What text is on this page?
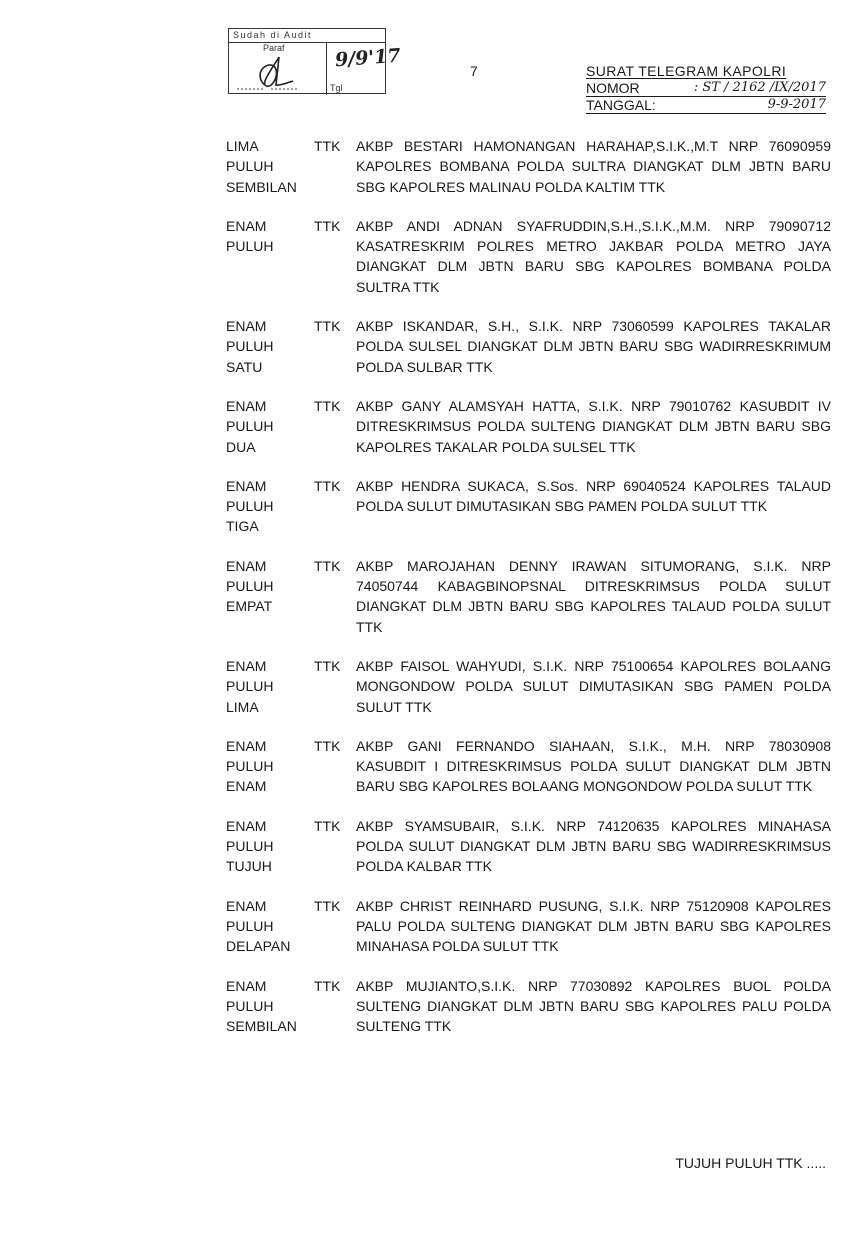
Sudah di Audit
Paraf	9/9'17
Tgl
7	SURAT TELEGRAM KAPOLRI
NOMOR	: ST / 2162 /IX/2017
TANGGAL:	9-9-2017
LIMA
PULUH
SEMBILAN
TTK	AKBP BESTARI HAMONANGAN HARAHAP,S.I.K.,M.T NRP 76090959 KAPOLRES BOMBANA POLDA SULTRA DIANGKAT DLM JBTN BARU SBG KAPOLRES MALINAU POLDA KALTIM TTK
ENAM
PULUH
TTK	AKBP ANDI ADNAN SYAFRUDDIN,S.H.,S.I.K.,M.M. NRP 79090712 KASATRESKRIM POLRES METRO JAKBAR POLDA METRO JAYA DIANGKAT DLM JBTN BARU SBG KAPOLRES BOMBANA POLDA SULTRA TTK
ENAM
PULUH
SATU
TTK	AKBP ISKANDAR, S.H., S.I.K. NRP 73060599 KAPOLRES TAKALAR POLDA SULSEL DIANGKAT DLM JBTN BARU SBG WADIRRESKRIMUM POLDA SULBAR TTK
ENAM
PULUH
DUA
TTK	AKBP GANY ALAMSYAH HATTA, S.I.K. NRP 79010762 KASUBDIT IV DITRESKRIMSUS POLDA SULTENG DIANGKAT DLM JBTN BARU SBG KAPOLRES TAKALAR POLDA SULSEL TTK
ENAM
PULUH
TIGA
TTK	AKBP HENDRA SUKACA, S.Sos. NRP 69040524 KAPOLRES TALAUD POLDA SULUT DIMUTASIKAN SBG PAMEN POLDA SULUT TTK
ENAM
PULUH
EMPAT
TTK	AKBP MAROJAHAN DENNY IRAWAN SITUMORANG, S.I.K. NRP 74050744 KABAGBINOPSNAL DITRESKRIMSUS POLDA SULUT DIANGKAT DLM JBTN BARU SBG KAPOLRES TALAUD POLDA SULUT TTK
ENAM
PULUH
LIMA
TTK	AKBP FAISOL WAHYUDI, S.I.K. NRP 75100654 KAPOLRES BOLAANG MONGONDOW POLDA SULUT DIMUTASIKAN SBG PAMEN POLDA SULUT TTK
ENAM
PULUH
ENAM
TTK	AKBP GANI FERNANDO SIAHAAN, S.I.K., M.H. NRP 78030908 KASUBDIT I DITRESKRIMSUS POLDA SULUT DIANGKAT DLM JBTN BARU SBG KAPOLRES BOLAANG MONGONDOW POLDA SULUT TTK
ENAM
PULUH
TUJUH
TTK	AKBP SYAMSUBAIR, S.I.K. NRP 74120635 KAPOLRES MINAHASA POLDA SULUT DIANGKAT DLM JBTN BARU SBG WADIRRESKRIMSUS POLDA KALBAR TTK
ENAM
PULUH
DELAPAN
TTK	AKBP CHRIST REINHARD PUSUNG, S.I.K. NRP 75120908 KAPOLRES PALU POLDA SULTENG DIANGKAT DLM JBTN BARU SBG KAPOLRES MINAHASA POLDA SULUT TTK
ENAM
PULUH
SEMBILAN
TTK	AKBP MUJIANTO,S.I.K. NRP 77030892 KAPOLRES BUOL POLDA SULTENG DIANGKAT DLM JBTN BARU SBG KAPOLRES PALU POLDA SULTENG TTK
TUJUH PULUH TTK .....
